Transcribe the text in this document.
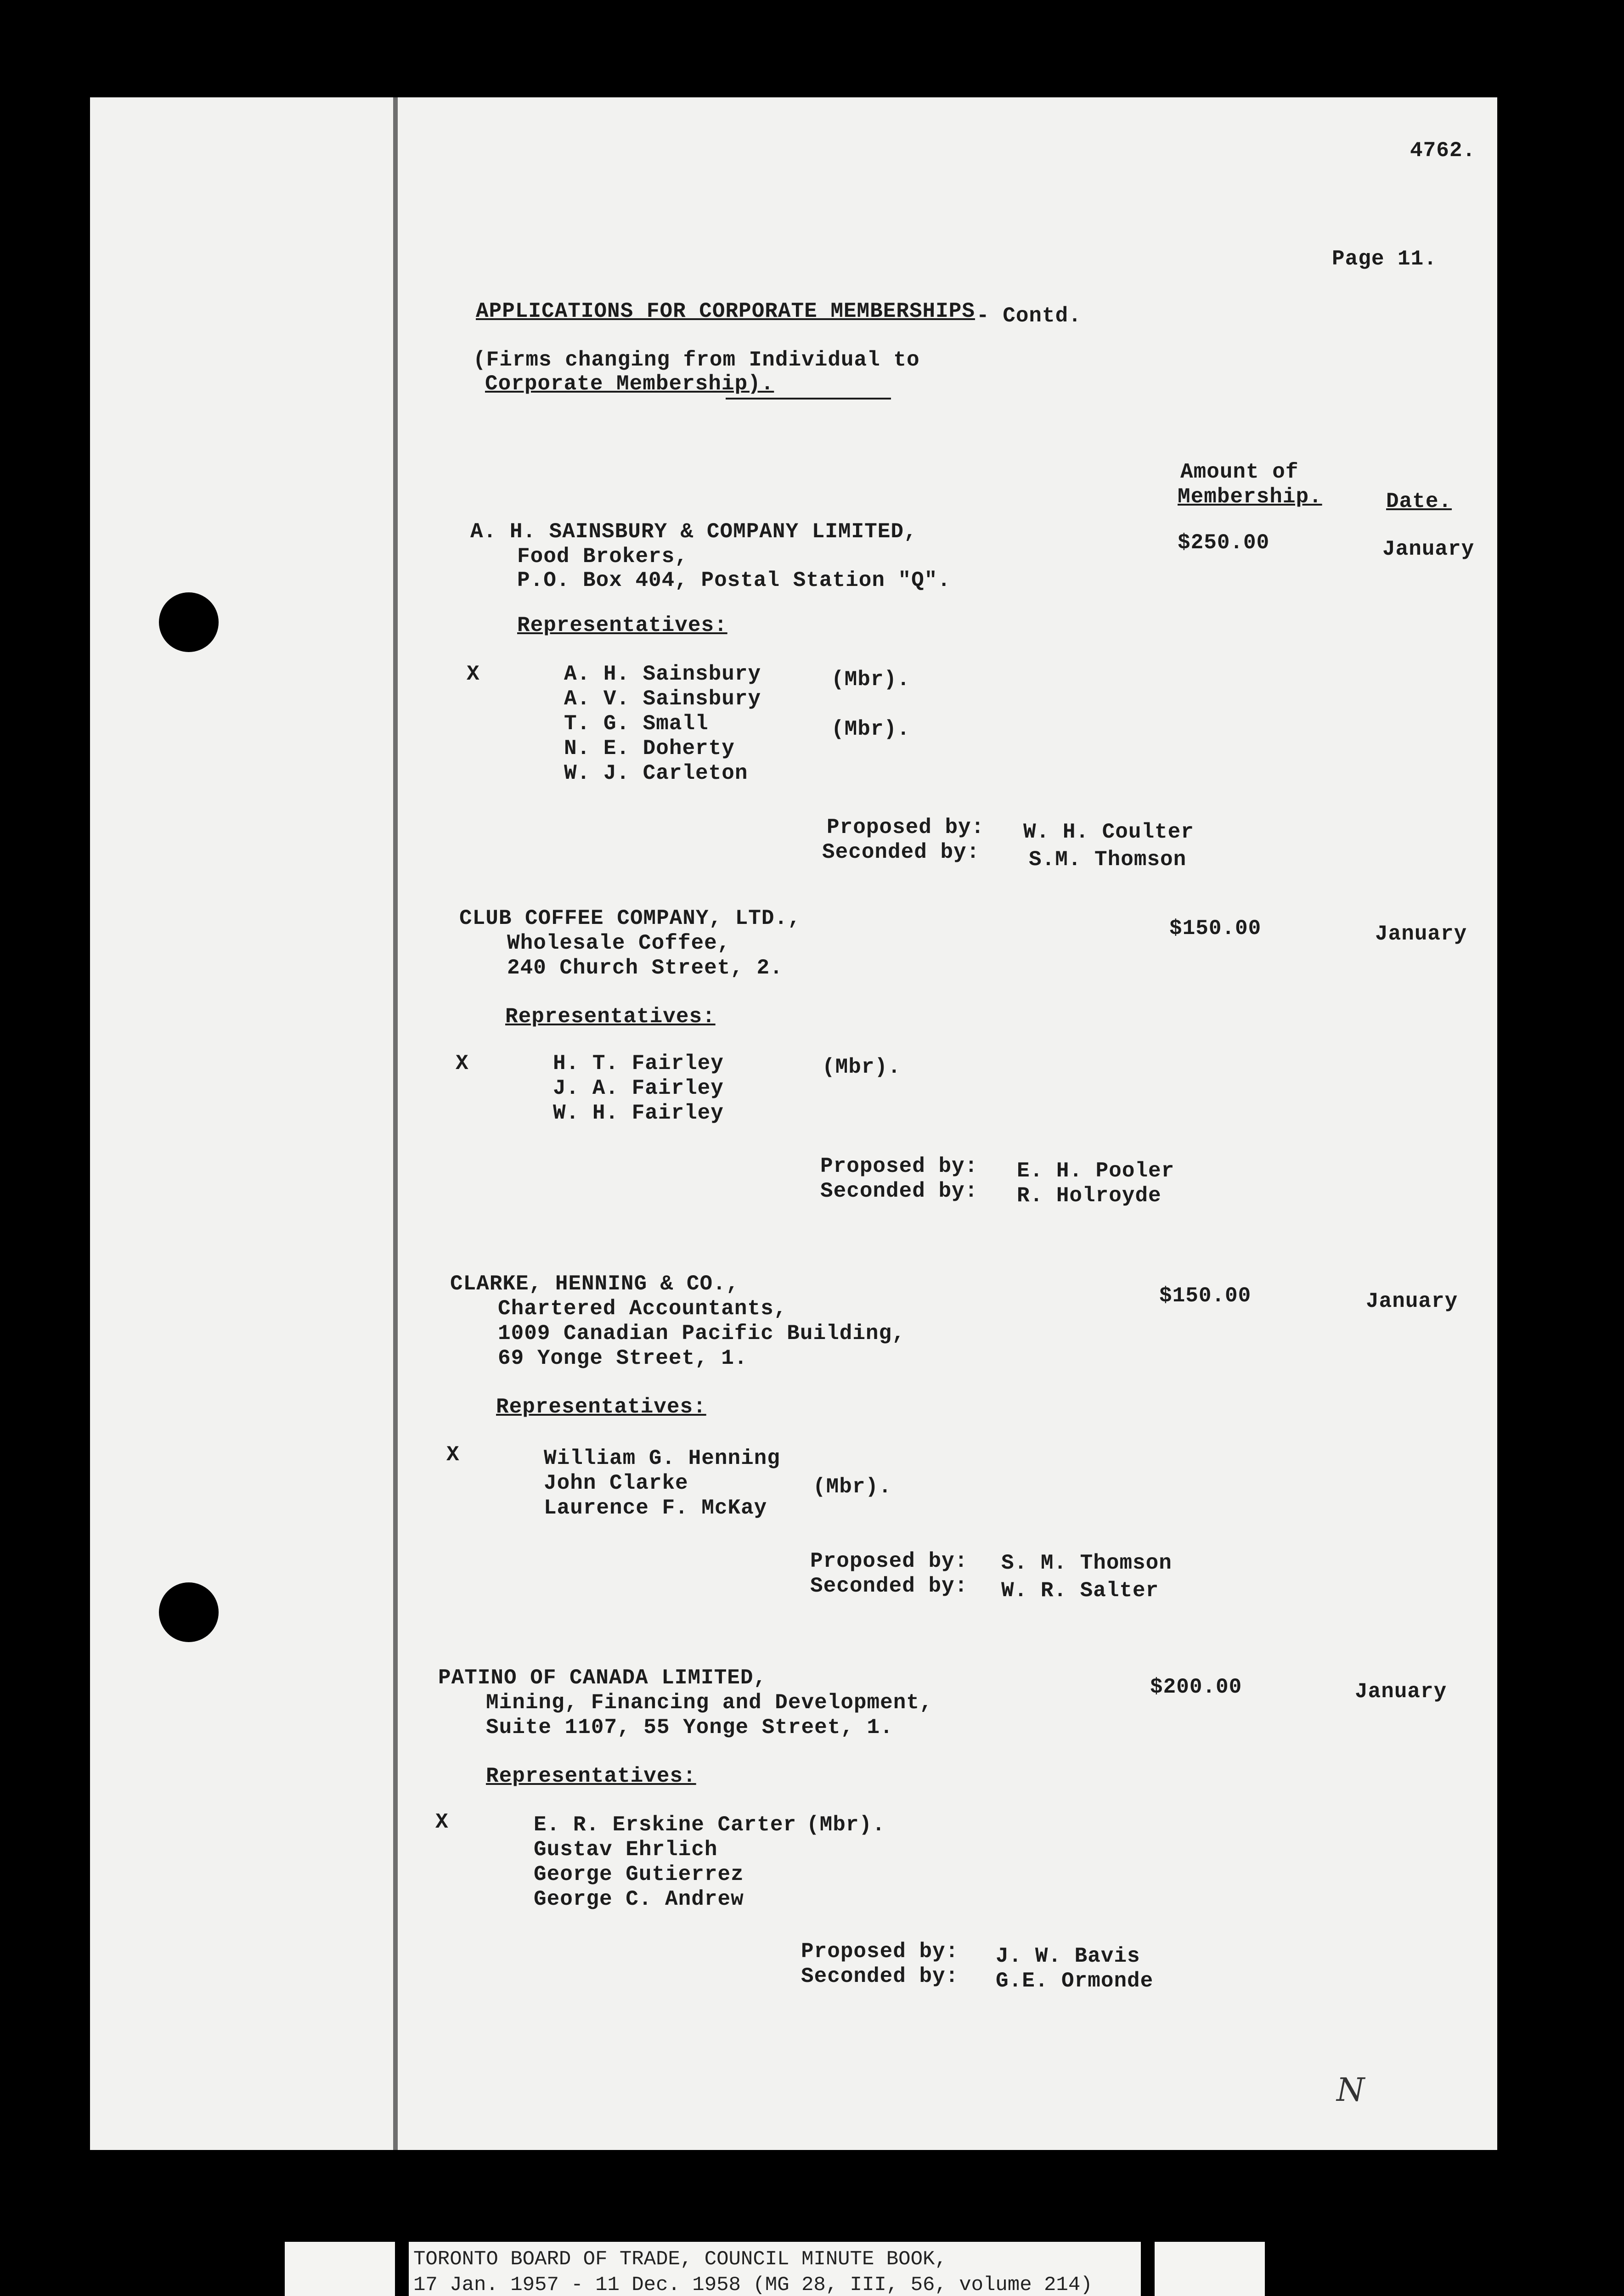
4762.
Page 11.
APPLICATIONS FOR CORPORATE MEMBERSHIPS - Contd.
(Firms changing from Individual to
Corporate Membership).
Amount of
Membership.	Date.
A. H. SAINSBURY & COMPANY LIMITED,
Food Brokers,
P.O. Box 404, Postal Station "Q".
$250.00	January
Representatives:
X	A. H. Sainsbury	(Mbr).
A. V. Sainsbury
T. G. Small	(Mbr).
N. E. Doherty
W. J. Carleton
Proposed by: W. H. Coulter
Seconded by: S.M. Thomson
CLUB COFFEE COMPANY, LTD.,
Wholesale Coffee,
240 Church Street, 2.
$150.00	January
Representatives:
X	H. T. Fairley	(Mbr).
J. A. Fairley
W. H. Fairley
Proposed by: E. H. Pooler
Seconded by: R. Holroyde
CLARKE, HENNING & CO.,
Chartered Accountants,
1009 Canadian Pacific Building,
69 Yonge Street, 1.
$150.00	January
Representatives:
X	William G. Henning
John Clarke	(Mbr).
Laurence F. McKay
Proposed by: S. M. Thomson
Seconded by: W. R. Salter
PATINO OF CANADA LIMITED,
Mining, Financing and Development,
Suite 1107, 55 Yonge Street, 1.
$200.00	January
Representatives:
X	E. R. Erskine Carter (Mbr).
Gustav Ehrlich
George Gutierrez
George C. Andrew
Proposed by: J. W. Bavis
Seconded by: G.E. Ormonde
N
TORONTO BOARD OF TRADE, COUNCIL MINUTE BOOK,
17 Jan. 1957 - 11 Dec. 1958 (MG 28, III, 56, volume 214)
